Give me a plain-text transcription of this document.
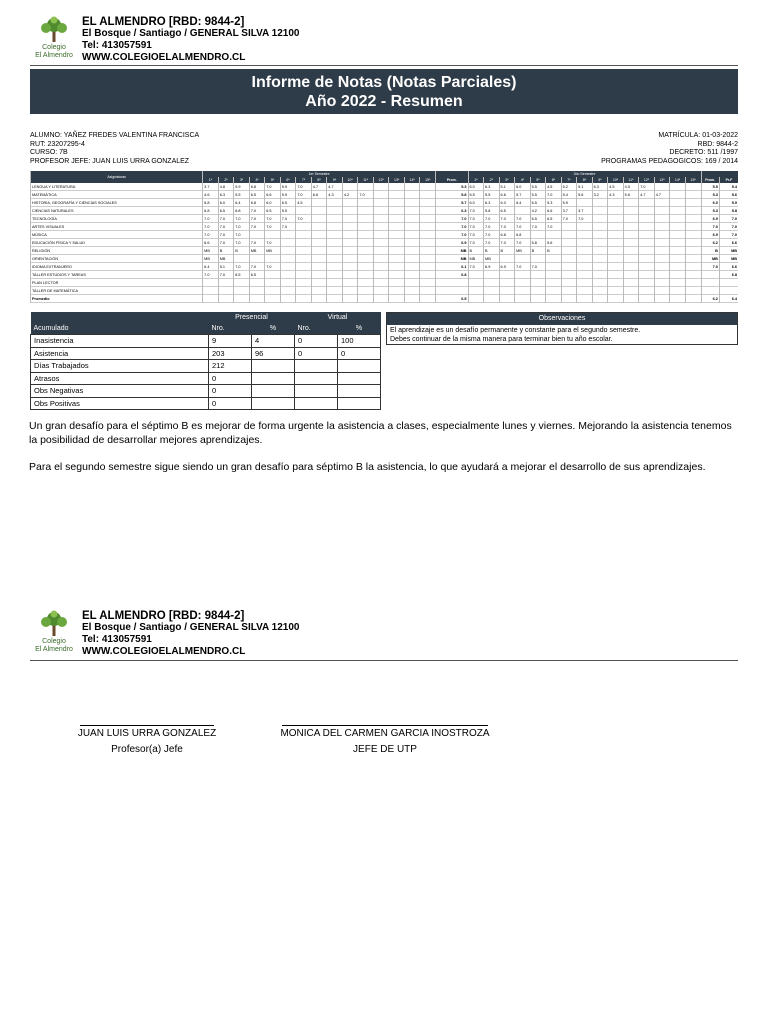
Colegio
El Almendro
EL ALMENDRO [RBD: 9844-2]
El Bosque / Santiago / GENERAL SILVA 12100
Tel: 413057591
WWW.COLEGIOELALMENDRO.CL
Informe de Notas (Notas Parciales)
Año 2022 - Resumen
ALUMNO: YAÑEZ FREDES VALENTINA FRANCISCA
RUT: 23207295-4
CURSO: 7B
PROFESOR JEFE: JUAN LUIS URRA GONZALEZ
MATRÍCULA: 01-03-2022
RBD: 9844-2
DECRETO: 511 /1997
PROGRAMAS PEDAGOGICOS: 169 / 2014
Asignaturas	1er Semestre																2do Semestre																
	1ª	2ª	3ª	4ª	5ª	6ª	7ª	8ª	9ª	10ª	11ª	12ª	13ª	14ª	15ª	Prom.	1ª	2ª	3ª	4ª	5ª	6ª	7ª	8ª	9ª	10ª	11ª	12ª	13ª	14ª	15ª	Prom.	Pr.F
LENGUA Y LITERATURA	3.7	4.8	5.9	6.8	7.0	5.9	7.0	4.7	4.7							5.3	6.0	6.3	5.1	6.0	5.5	4.5	5.2	5.1	6.3	4.5	4.5	7.0				5.5	5.4
MATEMÁTICA	4.6	6.3	5.5	6.5	6.6	5.9	7.0	6.6	4.3	4.2	7.0					5.8	6.5	5.5	6.6	5.7	5.5	7.0	5.4	5.6	3.2	4.3	5.6	4.7	4.7			5.3	5.6
HISTORIA, GEOGRAFÍA Y CIENCIAS SOCIALES	5.8	6.0	6.4	6.8	6.0	6.5	4.5									5.7	6.0	6.3	6.0	6.4	6.5	5.3	5.9									6.0	5.9
CIENCIAS NATURALES	6.8	6.5	6.8	7.0	6.5	5.5										6.3	7.0	5.8	6.5		4.2	6.6	3.7	3.7								5.3	5.8
TECNOLOGÍA	7.0	7.0	7.0	7.0	7.0	7.0	7.0									7.0	7.0	7.0	7.0	7.0	6.5	6.5	7.0	7.0								6.9	7.0
ARTES VISUALES	7.0	7.0	7.0	7.0	7.0	7.0										7.0	7.0	7.0	7.0	7.0	7.0	7.0										7.0	7.0
MÚSICA	7.0	7.0	7.0													7.0	7.0	7.0	6.8	6.8												6.9	7.0
EDUCACIÓN FÍSICA Y SALUD	6.6	7.0	7.0	7.0	7.0											6.9	7.0	7.0	7.0	7.0	5.8	5.6										6.2	6.6
RELIGIÓN	MB	B	B	MB	MB											MB	B	B	B	MB	B	B										B	MB
ORIENTACIÓN	MB	MB														MB	MB	MB														MB	MB
IDIOMA EXTRANJERO	6.4	5.1	7.0	7.0	7.0											6.1	7.0	6.9	6.9	7.0	7.0											7.0	6.6
TALLER ESTUDIOS Y TAREAS	7.0	7.0	6.5	6.5												6.8																	6.8
PLAN LECTOR																																	
TALLER DE MATEMÁTICA																																	
Promedio																6.5																6.2	6.4
	Presencial		Virtual	
Acumulado	Nro.	%	Nro.	%
Inasistencia	9	4	0	100
Asistencia	203	96	0	0
Días Trabajados	212			
Atrasos	0			
Obs Negativas	0			
Obs Positivas	0			
Observaciones
El aprendizaje es un desafío permanente y constante para el segundo semestre.
Debes continuar de la misma manera para terminar bien tu año escolar.
Un gran desafío para el séptimo B es mejorar de forma urgente la asistencia a clases, especialmente lunes y viernes. Mejorando la asistencia tenemos la posibilidad de desarrollar mejores aprendizajes.
Para el segundo semestre sigue siendo un gran desafío para séptimo B la asistencia, lo que ayudará a mejorar el desarrollo de sus aprendizajes.
Colegio
El Almendro
EL ALMENDRO [RBD: 9844-2]
El Bosque / Santiago / GENERAL SILVA 12100
Tel: 413057591
WWW.COLEGIOELALMENDRO.CL
JUAN LUIS URRA GONZALEZ
Profesor(a) Jefe
MONICA DEL CARMEN GARCIA INOSTROZA
JEFE DE UTP
